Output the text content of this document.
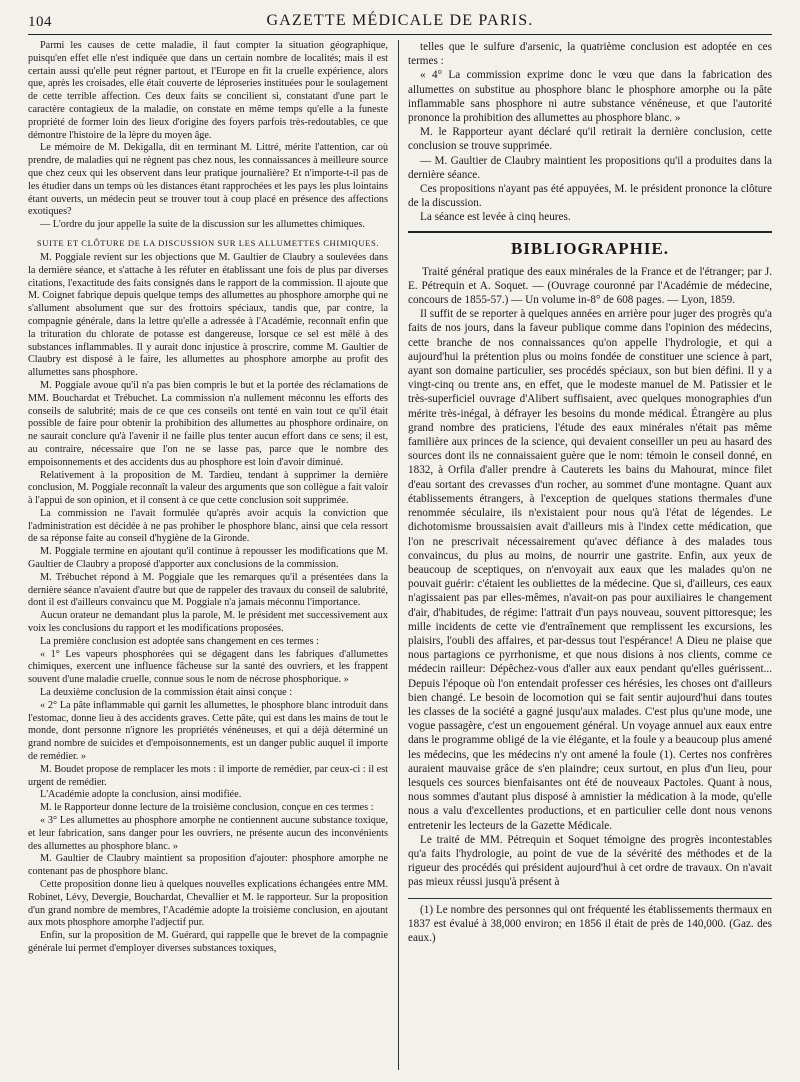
104	GAZETTE MÉDICALE DE PARIS.

Parmi les causes de cette maladie, il faut compter la situation géographique, puisqu'en effet elle n'est indiquée que dans un certain nombre de localités; mais il est certain aussi qu'elle peut régner partout, et l'Europe en fit la cruelle expérience, alors que, après les croisades, elle était couverte de léproseries instituées pour le soulagement de cette terrible affection. Ces deux faits se concilient si, constatant d'une part le caractère contagieux de la maladie, on constate en même temps qu'elle a la funeste propriété de former loin des lieux d'origine des foyers parfois très-redoutables, ce que démontre l'histoire de la lèpre du moyen âge.

Le mémoire de M. Dekigalla, dit en terminant M. Littré, mérite l'attention, car où prendre, de maladies qui ne règnent pas chez nous, les connaissances à meilleure source que chez ceux qui les observent dans leur pratique journalière? Et n'importe-t-il pas de les étudier dans un temps où les distances étant rapprochées et les pays les plus lointains étant ouverts, un médecin peut se trouver tout à coup placé en présence des affections exotiques?

— L'ordre du jour appelle la suite de la discussion sur les allumettes chimiques.

SUITE ET CLÔTURE DE LA DISCUSSION SUR LES ALLUMETTES CHIMIQUES.

M. Poggiale revient sur les objections que M. Gaultier de Claubry a soulevées dans la dernière séance, et s'attache à les réfuter en établissant une fois de plus par diverses citations, l'exactitude des faits consignés dans le rapport de la commission. Il ajoute que M. Coignet fabrique depuis quelque temps des allumettes au phosphore amorphe qui ne s'allument absolument que sur des frottoirs spéciaux, tandis que, par contre, la compagnie générale, dans la lettre qu'elle a adressée à l'Académie, reconnaît enfin que la trituration du chlorate de potasse est dangereuse, lorsque ce sel est mêlé à des substances inflammables. Il y aurait donc injustice à proscrire, comme M. Gaultier de Claubry est disposé à le faire, les allumettes au phosphore amorphe au profit des allumettes sans phosphore.

M. Poggiale avoue qu'il n'a pas bien compris le but et la portée des réclamations de MM. Bouchardat et Trébuchet. La commission n'a nullement méconnu les efforts des conseils de salubrité; mais de ce que ces conseils ont tenté en vain tout ce qu'il était possible de faire pour obtenir la prohibition des allumettes au phosphore ordinaire, on ne saurait conclure qu'à l'avenir il ne faille plus tenter aucun effort dans ce sens; il est, au contraire, nécessaire que l'on ne se lasse pas, parce que le nombre des empoisonnements et des accidents dus au phosphore est loin d'avoir diminué.

Relativement à la proposition de M. Tardieu, tendant à supprimer la dernière conclusion, M. Poggiale reconnaît la valeur des arguments que son collègue a fait valoir à l'appui de son opinion, et il consent à ce que cette conclusion soit supprimée.

La commission ne l'avait formulée qu'après avoir acquis la conviction que l'administration est décidée à ne pas prohiber le phosphore blanc, ainsi que cela ressort de sa réponse faite au conseil d'hygiène de la Gironde.

M. Poggiale termine en ajoutant qu'il continue à repousser les modifications que M. Gaultier de Claubry a proposé d'apporter aux conclusions de la commission.

M. Trébuchet répond à M. Poggiale que les remarques qu'il a présentées dans la dernière séance n'avaient d'autre but que de rappeler des travaux du conseil de salubrité, dont il est d'ailleurs convaincu que M. Poggiale n'a jamais méconnu l'importance.

Aucun orateur ne demandant plus la parole, M. le président met successivement aux voix les conclusions du rapport et les modifications proposées.

La première conclusion est adoptée sans changement en ces termes :

« 1° Les vapeurs phosphorées qui se dégagent dans les fabriques d'allumettes chimiques, exercent une influence fâcheuse sur la santé des ouvriers, et les frappent souvent d'une maladie cruelle, connue sous le nom de nécrose phosphorique. »

La deuxième conclusion de la commission était ainsi conçue :

« 2° La pâte inflammable qui garnit les allumettes, le phosphore blanc introduit dans l'estomac, donne lieu à des accidents graves. Cette pâte, qui est dans les mains de tout le monde, dont personne n'ignore les propriétés vénéneuses, et qui a déjà déterminé un grand nombre de suicides et d'empoisonnements, est un danger public auquel il importe de remédier. »

M. Boudet propose de remplacer les mots : il importe de remédier, par ceux-ci : il est urgent de remédier.

L'Académie adopte la conclusion, ainsi modifiée.

M. le Rapporteur donne lecture de la troisième conclusion, conçue en ces termes :

« 3° Les allumettes au phosphore amorphe ne contiennent aucune substance toxique, et leur fabrication, sans danger pour les ouvriers, ne présente aucun des inconvénients des allumettes au phosphore blanc. »

M. Gaultier de Claubry maintient sa proposition d'ajouter: phosphore amorphe ne contenant pas de phosphore blanc.

Cette proposition donne lieu à quelques nouvelles explications échangées entre MM. Robinet, Lévy, Devergie, Bouchardat, Chevallier et M. le rapporteur. Sur la proposition d'un grand nombre de membres, l'Académie adopte la troisième conclusion, en ajoutant aux mots phosphore amorphe l'adjectif pur.

Enfin, sur la proposition de M. Guérard, qui rappelle que le brevet de la compagnie générale lui permet d'employer diverses substances toxiques,

telles que le sulfure d'arsenic, la quatrième conclusion est adoptée en ces termes :

« 4° La commission exprime donc le vœu que dans la fabrication des allumettes on substitue au phosphore blanc le phosphore amorphe ou la pâte inflammable sans phosphore ni autre substance vénéneuse, et que l'autorité prononce la prohibition des allumettes au phosphore blanc. »

M. le Rapporteur ayant déclaré qu'il retirait la dernière conclusion, cette conclusion se trouve supprimée.

— M. Gaultier de Claubry maintient les propositions qu'il a produites dans la dernière séance.

Ces propositions n'ayant pas été appuyées, M. le président prononce la clôture de la discussion.

La séance est levée à cinq heures.

BIBLIOGRAPHIE.

Traité général pratique des eaux minérales de la France et de l'étranger; par J. E. Pétrequin et A. Soquet. — (Ouvrage couronné par l'Académie de médecine, concours de 1855-57.) — Un volume in-8° de 608 pages. — Lyon, 1859.

Il suffit de se reporter à quelques années en arrière pour juger des progrès qu'a faits de nos jours, dans la faveur publique comme dans l'opinion des médecins, cette branche de nos connaissances qu'on appelle l'hydrologie, et qui a aujourd'hui la prétention plus ou moins fondée de constituer une science à part, ayant son domaine particulier, ses procédés spéciaux, son but bien défini. Il y a vingt-cinq ou trente ans, en effet, que le modeste manuel de M. Patissier et le très-superficiel ouvrage d'Alibert suffisaient, avec quelques monographies d'un mérite très-inégal, à défrayer les besoins du monde médical. Étrangère au plus grand nombre des praticiens, l'étude des eaux minérales n'était pas même familière aux princes de la science, qui devaient conseiller un peu au hasard des sources dont ils ne connaissaient guère que le nom: témoin le conseil donné, en 1832, à Orfila d'aller prendre à Cauterets les bains du Mahourat, mince filet d'eau sortant des crevasses d'un rocher, au sommet d'une montagne. Quant aux établissements étrangers, à l'exception de quelques stations thermales d'une renommée séculaire, ils n'existaient pour nous qu'à l'état de légendes. Le dichotomisme broussaisien avait d'ailleurs mis à l'index cette médication, que l'on ne prescrivait nécessairement qu'avec défiance à des malades tous convaincus, du plus au moins, de nourrir une gastrite. Enfin, aux yeux de beaucoup de sceptiques, on n'envoyait aux eaux que les malades qu'on ne pouvait guérir: c'étaient les oubliettes de la médecine. Que si, d'ailleurs, ces eaux n'agissaient pas par elles-mêmes, n'avait-on pas pour auxiliaires le changement d'air, d'habitudes, de régime: l'attrait d'un pays nouveau, souvent pittoresque; les mille incidents de cette vie d'entraînement que remplissent les excursions, les plaisirs, l'oubli des affaires, et par-dessus tout l'espérance! A Dieu ne plaise que nous partagions ce pyrrhonisme, et que nous disions à nos clients, comme ce médecin railleur: Dépêchez-vous d'aller aux eaux pendant qu'elles guérissent... Depuis l'époque où l'on entendait professer ces hérésies, les choses ont d'ailleurs bien changé. Le besoin de locomotion qui se fait sentir aujourd'hui dans toutes les classes de la société a gagné jusqu'aux malades. C'est plus qu'une mode, une vogue passagère, c'est un engouement général. Un voyage annuel aux eaux entre dans le programme obligé de la vie élégante, et la foule y a beaucoup plus amené les médecins, que les médecins n'y ont amené la foule (1). Certes nos confrères auraient mauvaise grâce de s'en plaindre; ceux surtout, en plus d'un lieu, pour lesquels ces sources bienfaisantes ont été de nouveaux Pactoles. Quant à nous, nous sommes d'autant plus disposé à amnistier la médication à la mode, qu'elle nous a valu d'excellentes productions, et en particulier celle dont nous venons entretenir les lecteurs de la Gazette Médicale.

Le traité de MM. Pétrequin et Soquet témoigne des progrès incontestables qu'a faits l'hydrologie, au point de vue de la sévérité des méthodes et de la rigueur des procédés qui président aujourd'hui à cet ordre de travaux. On n'avait pas mieux réussi jusqu'à présent à

(1) Le nombre des personnes qui ont fréquenté les établissements thermaux en 1837 est évalué à 38,000 environ; en 1856 il était de près de 140,000. (Gaz. des eaux.)
